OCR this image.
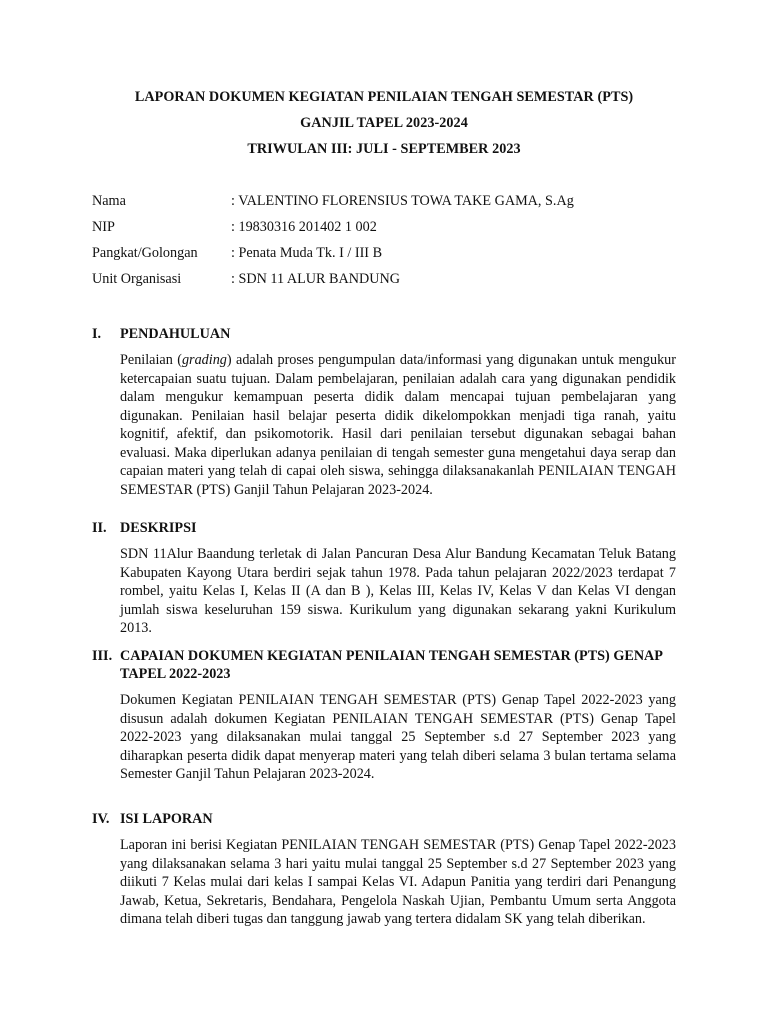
LAPORAN DOKUMEN KEGIATAN PENILAIAN TENGAH SEMESTAR (PTS)
GANJIL TAPEL 2023-2024
TRIWULAN III: JULI - SEPTEMBER 2023
Nama	: VALENTINO FLORENSIUS TOWA TAKE GAMA, S.Ag
NIP	: 19830316 201402 1 002
Pangkat/Golongan	: Penata Muda Tk. I / III B
Unit Organisasi	: SDN 11 ALUR BANDUNG
I.	PENDAHULUAN
Penilaian (grading) adalah proses pengumpulan data/informasi yang digunakan untuk mengukur ketercapaian suatu tujuan. Dalam pembelajaran, penilaian adalah cara yang digunakan pendidik dalam mengukur kemampuan peserta didik dalam mencapai tujuan pembelajaran yang digunakan. Penilaian hasil belajar peserta didik dikelompokkan menjadi tiga ranah, yaitu kognitif, afektif, dan psikomotorik. Hasil dari penilaian tersebut digunakan sebagai bahan evaluasi. Maka diperlukan adanya penilaian di tengah semester guna mengetahui daya serap dan capaian materi yang telah di capai oleh siswa, sehingga dilaksanakanlah PENILAIAN TENGAH SEMESTAR (PTS) Ganjil Tahun Pelajaran 2023-2024.
II. DESKRIPSI
SDN 11Alur Baandung terletak di Jalan Pancuran Desa Alur Bandung Kecamatan Teluk Batang Kabupaten Kayong Utara berdiri sejak tahun 1978. Pada tahun pelajaran 2022/2023 terdapat 7 rombel, yaitu Kelas I, Kelas II (A dan B ), Kelas III, Kelas IV, Kelas V dan Kelas VI dengan jumlah siswa keseluruhan 159 siswa. Kurikulum yang digunakan sekarang yakni Kurikulum 2013.
III. CAPAIAN DOKUMEN KEGIATAN PENILAIAN TENGAH SEMESTAR (PTS) GENAP TAPEL 2022-2023
Dokumen Kegiatan PENILAIAN TENGAH SEMESTAR (PTS) Genap Tapel 2022-2023 yang disusun adalah dokumen Kegiatan PENILAIAN TENGAH SEMESTAR (PTS) Genap Tapel 2022-2023 yang dilaksanakan mulai tanggal 25 September s.d 27 September 2023 yang diharapkan peserta didik dapat menyerap materi yang telah diberi selama 3 bulan tertama selama Semester Ganjil Tahun Pelajaran 2023-2024.
IV. ISI LAPORAN
Laporan ini berisi Kegiatan PENILAIAN TENGAH SEMESTAR (PTS) Genap Tapel 2022-2023 yang dilaksanakan selama 3 hari yaitu mulai tanggal 25 September s.d 27 September 2023 yang diikuti 7 Kelas mulai dari kelas I sampai Kelas VI. Adapun Panitia yang terdiri dari Penangung Jawab, Ketua, Sekretaris, Bendahara, Pengelola Naskah Ujian, Pembantu Umum serta Anggota dimana telah diberi tugas dan tanggung jawab yang tertera didalam SK yang telah diberikan.
